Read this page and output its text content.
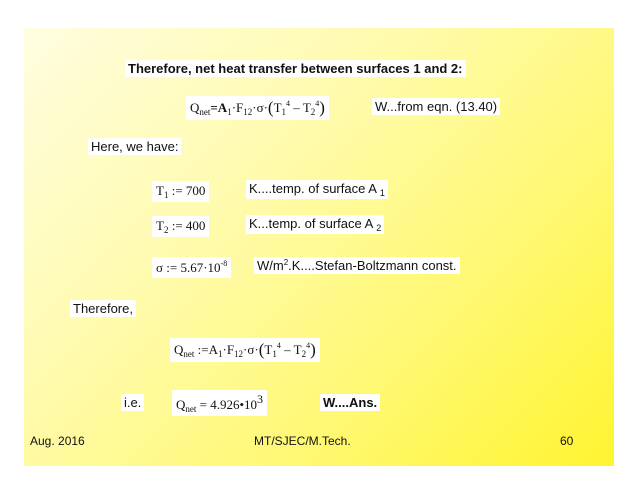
Therefore, net heat transfer between surfaces 1 and 2:
$Q_{net}=A_1\cdot F_{12}\cdot\sigma\cdot(T_1^4 - T_2^4)$	W...from eqn. (13.40)
Here, we have:
$T_1$ := 700	K....temp. of surface A $_1$
$T_2$ := 400	K...temp. of surface A $_2$
σ := $5.67\cdot 10^{-8}$	$W/m^2.K....Stefan$-Boltzmann const.
Therefore,
$Q_{net}$ $:=A_1\cdot F_{12}\cdot\sigma\cdot(T_1^4 - T_2^4)$
i.e.	$Q_{net}$ = $4.926•10^3$	W....Ans.
Aug. 2016	MT/SJEC/M.Tech.	60
